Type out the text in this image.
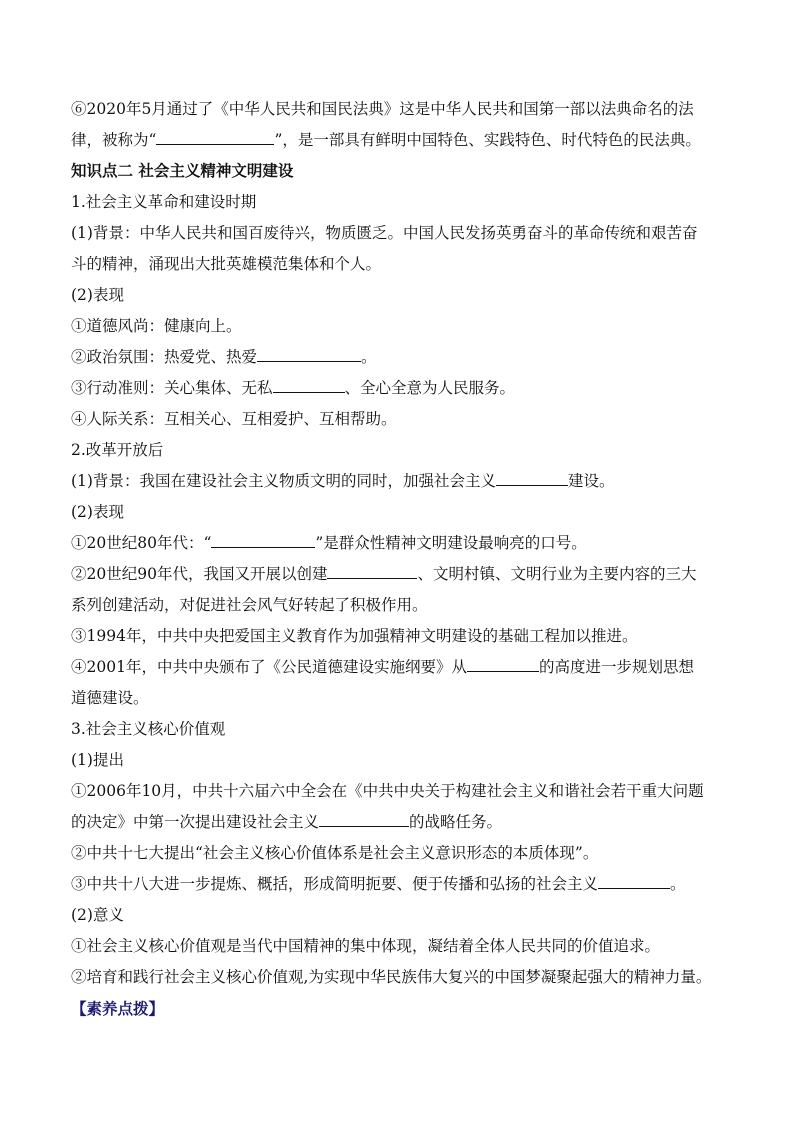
⑥2020年5月通过了《中华人民共和国民法典》这是中华人民共和国第一部以法典命名的法
律，被称为“	”，是一部具有鲜明中国特色、实践特色、时代特色的民法典。
知识点二 社会主义精神文明建设
1.社会主义革命和建设时期
(1)背景：中华人民共和国百废待兴，物质匮乏。中国人民发扬英勇奋斗的革命传统和艰苦奋
斗的精神，涌现出大批英雄模范集体和个人。
(2)表现
①道德风尚：健康向上。
②政治氛围：热爱党、热爱	。
③行动准则：关心集体、无私	、全心全意为人民服务。
④人际关系：互相关心、互相爱护、互相帮助。
2.改革开放后
(1)背景：我国在建设社会主义物质文明的同时，加强社会主义	建设。
(2)表现
①20世纪80年代：“	”是群众性精神文明建设最响亮的口号。
②20世纪90年代，我国又开展以创建	、文明村镇、文明行业为主要内容的三大
系列创建活动，对促进社会风气好转起了积极作用。
③1994年，中共中央把爱国主义教育作为加强精神文明建设的基础工程加以推进。
④2001年，中共中央颁布了《公民道德建设实施纲要》从	的高度进一步规划思想
道德建设。
3.社会主义核心价值观
(1)提出
①2006年10月，中共十六届六中全会在《中共中央关于构建社会主义和谐社会若干重大问题
的决定》中第一次提出建设社会主义	的战略任务。
②中共十七大提出“社会主义核心价值体系是社会主义意识形态的本质体现”。
③中共十八大进一步提炼、概括，形成简明扼要、便于传播和弘扬的社会主义	。
(2)意义
①社会主义核心价值观是当代中国精神的集中体现，凝结着全体人民共同的价值追求。
②培育和践行社会主义核心价值观,为实现中华民族伟大复兴的中国梦凝聚起强大的精神力量。
【素养点拨】
